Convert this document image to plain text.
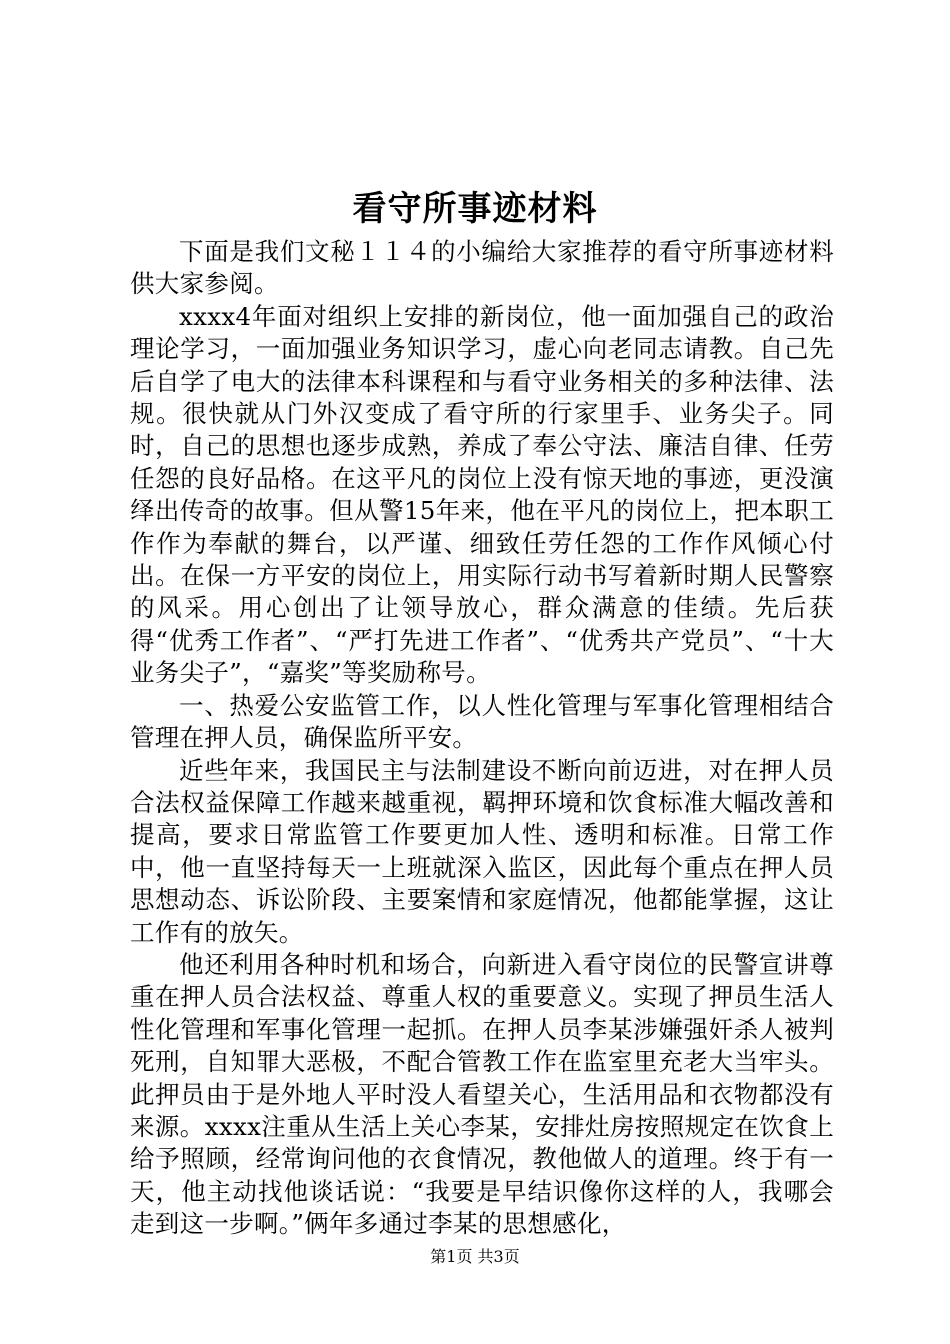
看守所事迹材料

下面是我们文秘１１４的小编给大家推荐的看守所事迹材料供大家参阅。

xxxx4年面对组织上安排的新岗位，他一面加强自己的政治理论学习，一面加强业务知识学习，虚心向老同志请教。自己先后自学了电大的法律本科课程和与看守业务相关的多种法律、法规。很快就从门外汉变成了看守所的行家里手、业务尖子。同时，自己的思想也逐步成熟，养成了奉公守法、廉洁自律、任劳任怨的良好品格。在这平凡的岗位上没有惊天地的事迹，更没演绎出传奇的故事。但从警15年来，他在平凡的岗位上，把本职工作作为奉献的舞台，以严谨、细致任劳任怨的工作作风倾心付出。在保一方平安的岗位上，用实际行动书写着新时期人民警察的风采。用心创出了让领导放心，群众满意的佳绩。先后获得“优秀工作者”、“严打先进工作者”、“优秀共产党员”、“十大业务尖子”，“嘉奖”等奖励称号。

一、热爱公安监管工作，以人性化管理与军事化管理相结合管理在押人员，确保监所平安。

近些年来，我国民主与法制建设不断向前迈进，对在押人员合法权益保障工作越来越重视，羁押环境和饮食标准大幅改善和提高，要求日常监管工作要更加人性、透明和标准。日常工作中，他一直坚持每天一上班就深入监区，因此每个重点在押人员思想动态、诉讼阶段、主要案情和家庭情况，他都能掌握，这让工作有的放矢。

他还利用各种时机和场合，向新进入看守岗位的民警宣讲尊重在押人员合法权益、尊重人权的重要意义。实现了押员生活人性化管理和军事化管理一起抓。在押人员李某涉嫌强奸杀人被判死刑，自知罪大恶极，不配合管教工作在监室里充老大当牢头。此押员由于是外地人平时没人看望关心，生活用品和衣物都没有来源。xxxx注重从生活上关心李某，安排灶房按照规定在饮食上给予照顾，经常询问他的衣食情况，教他做人的道理。终于有一天，他主动找他谈话说：“我要是早结识像你这样的人，我哪会走到这一步啊。”俩年多通过李某的思想感化，

第1页 共3页
